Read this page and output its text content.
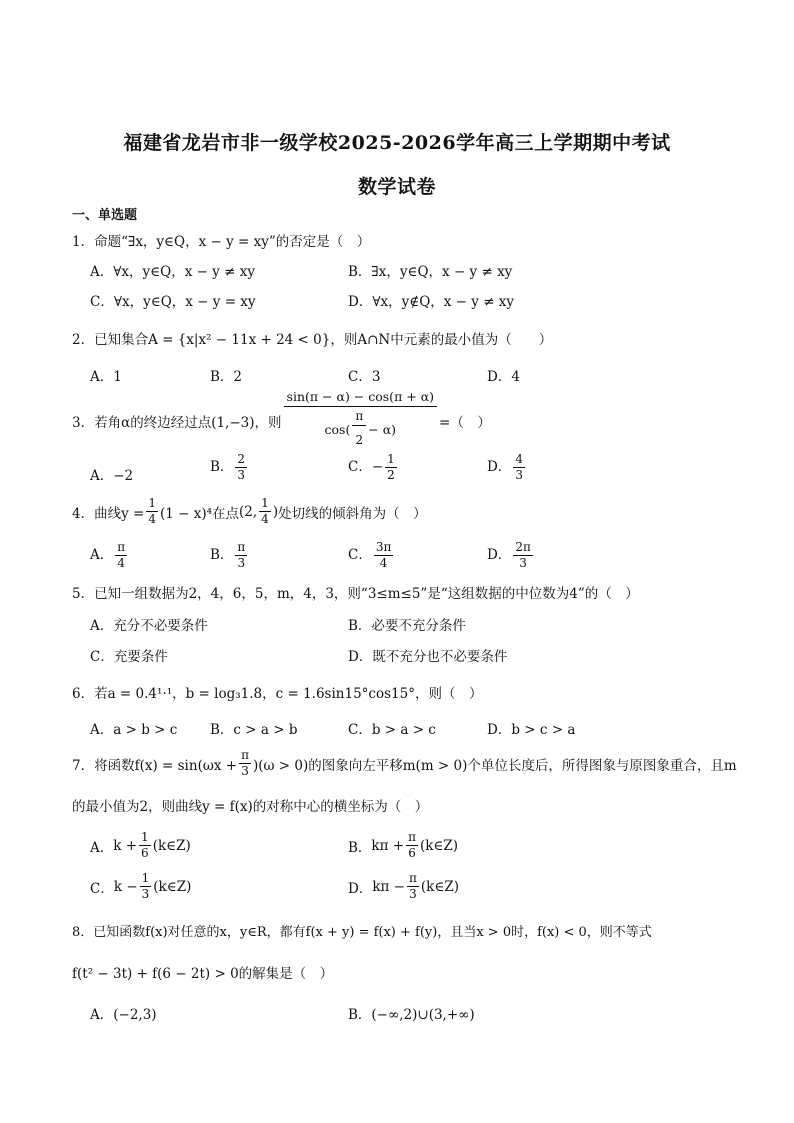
福建省龙岩市非一级学校2025-2026学年高三上学期期中考试
数学试卷
一、单选题
1．命题“∃x，y∈Q，x − y = xy”的否定是（　）
A．∀x，y∈Q，x − y ≠ xy	B．∃x，y∈Q，x − y ≠ xy
C．∀x，y∈Q，x − y = xy	D．∀x，y∉Q，x − y ≠ xy
2．已知集合A = {x|x² − 11x + 24 < 0}，则A∩N中元素的最小值为（　　）
A．1	B．2	C．3	D．4
3．若角α的终边经过点(1,−3)，则 $\frac{\sin(\pi - \alpha) - \cos(\pi + \alpha)}{\cos( \frac{\pi}{2} - \alpha)}$ =（　）
A．−2
B． $\frac{2}{3}$	C．− $\frac{1}{2}$	D． $\frac{4}{3}$
4．曲线$y = \frac{1}{4} (1 - x)^4$在点 (2, $\frac{1}{4}$ ) 处切线的倾斜角为（　）
A． $\frac{\pi}{4}$	B． $\frac{\pi}{3}$	C． $\frac{3\pi}{4}$	D． $\frac{2\pi}{3}$
5．已知一组数据为2，4，6，5，m，4，3，则“3≤m≤5”是“这组数据的中位数为4”的（　）
A．充分不必要条件	B．必要不充分条件
C．充要条件	D．既不充分也不必要条件
6．若a = 0.4¹·¹，b = log₃1.8，c = 1.6sin15°cos15°，则（　）
A．a > b > c B．c > a > b	C．b > a > c	D．b > c > a
7．将函数$f(x) = \sin(\omega x + \frac{\pi}{3} )(\omega > 0)$的图象向左平移m(m > 0)个单位长度后，所得图象与原图象重合，且m
的最小值为2，则曲线y = f(x)的对称中心的横坐标为（　）
A． $k + \frac{1}{6}$ (k∈Z)	B． $k\pi + \frac{\pi}{6}$ (k∈Z)
C． $k - \frac{1}{3}$ (k∈Z)	D． $k\pi - \frac{\pi}{3}$ (k∈Z)
8．已知函数f(x)对任意的x，y∈R，都有f(x + y) = f(x) + f(y)，且当x > 0时，f(x) < 0，则不等式
f(t² − 3t) + f(6 − 2t) > 0的解集是（　）
A．(−2,3)	B．(−∞,2)∪(3,+∞)
